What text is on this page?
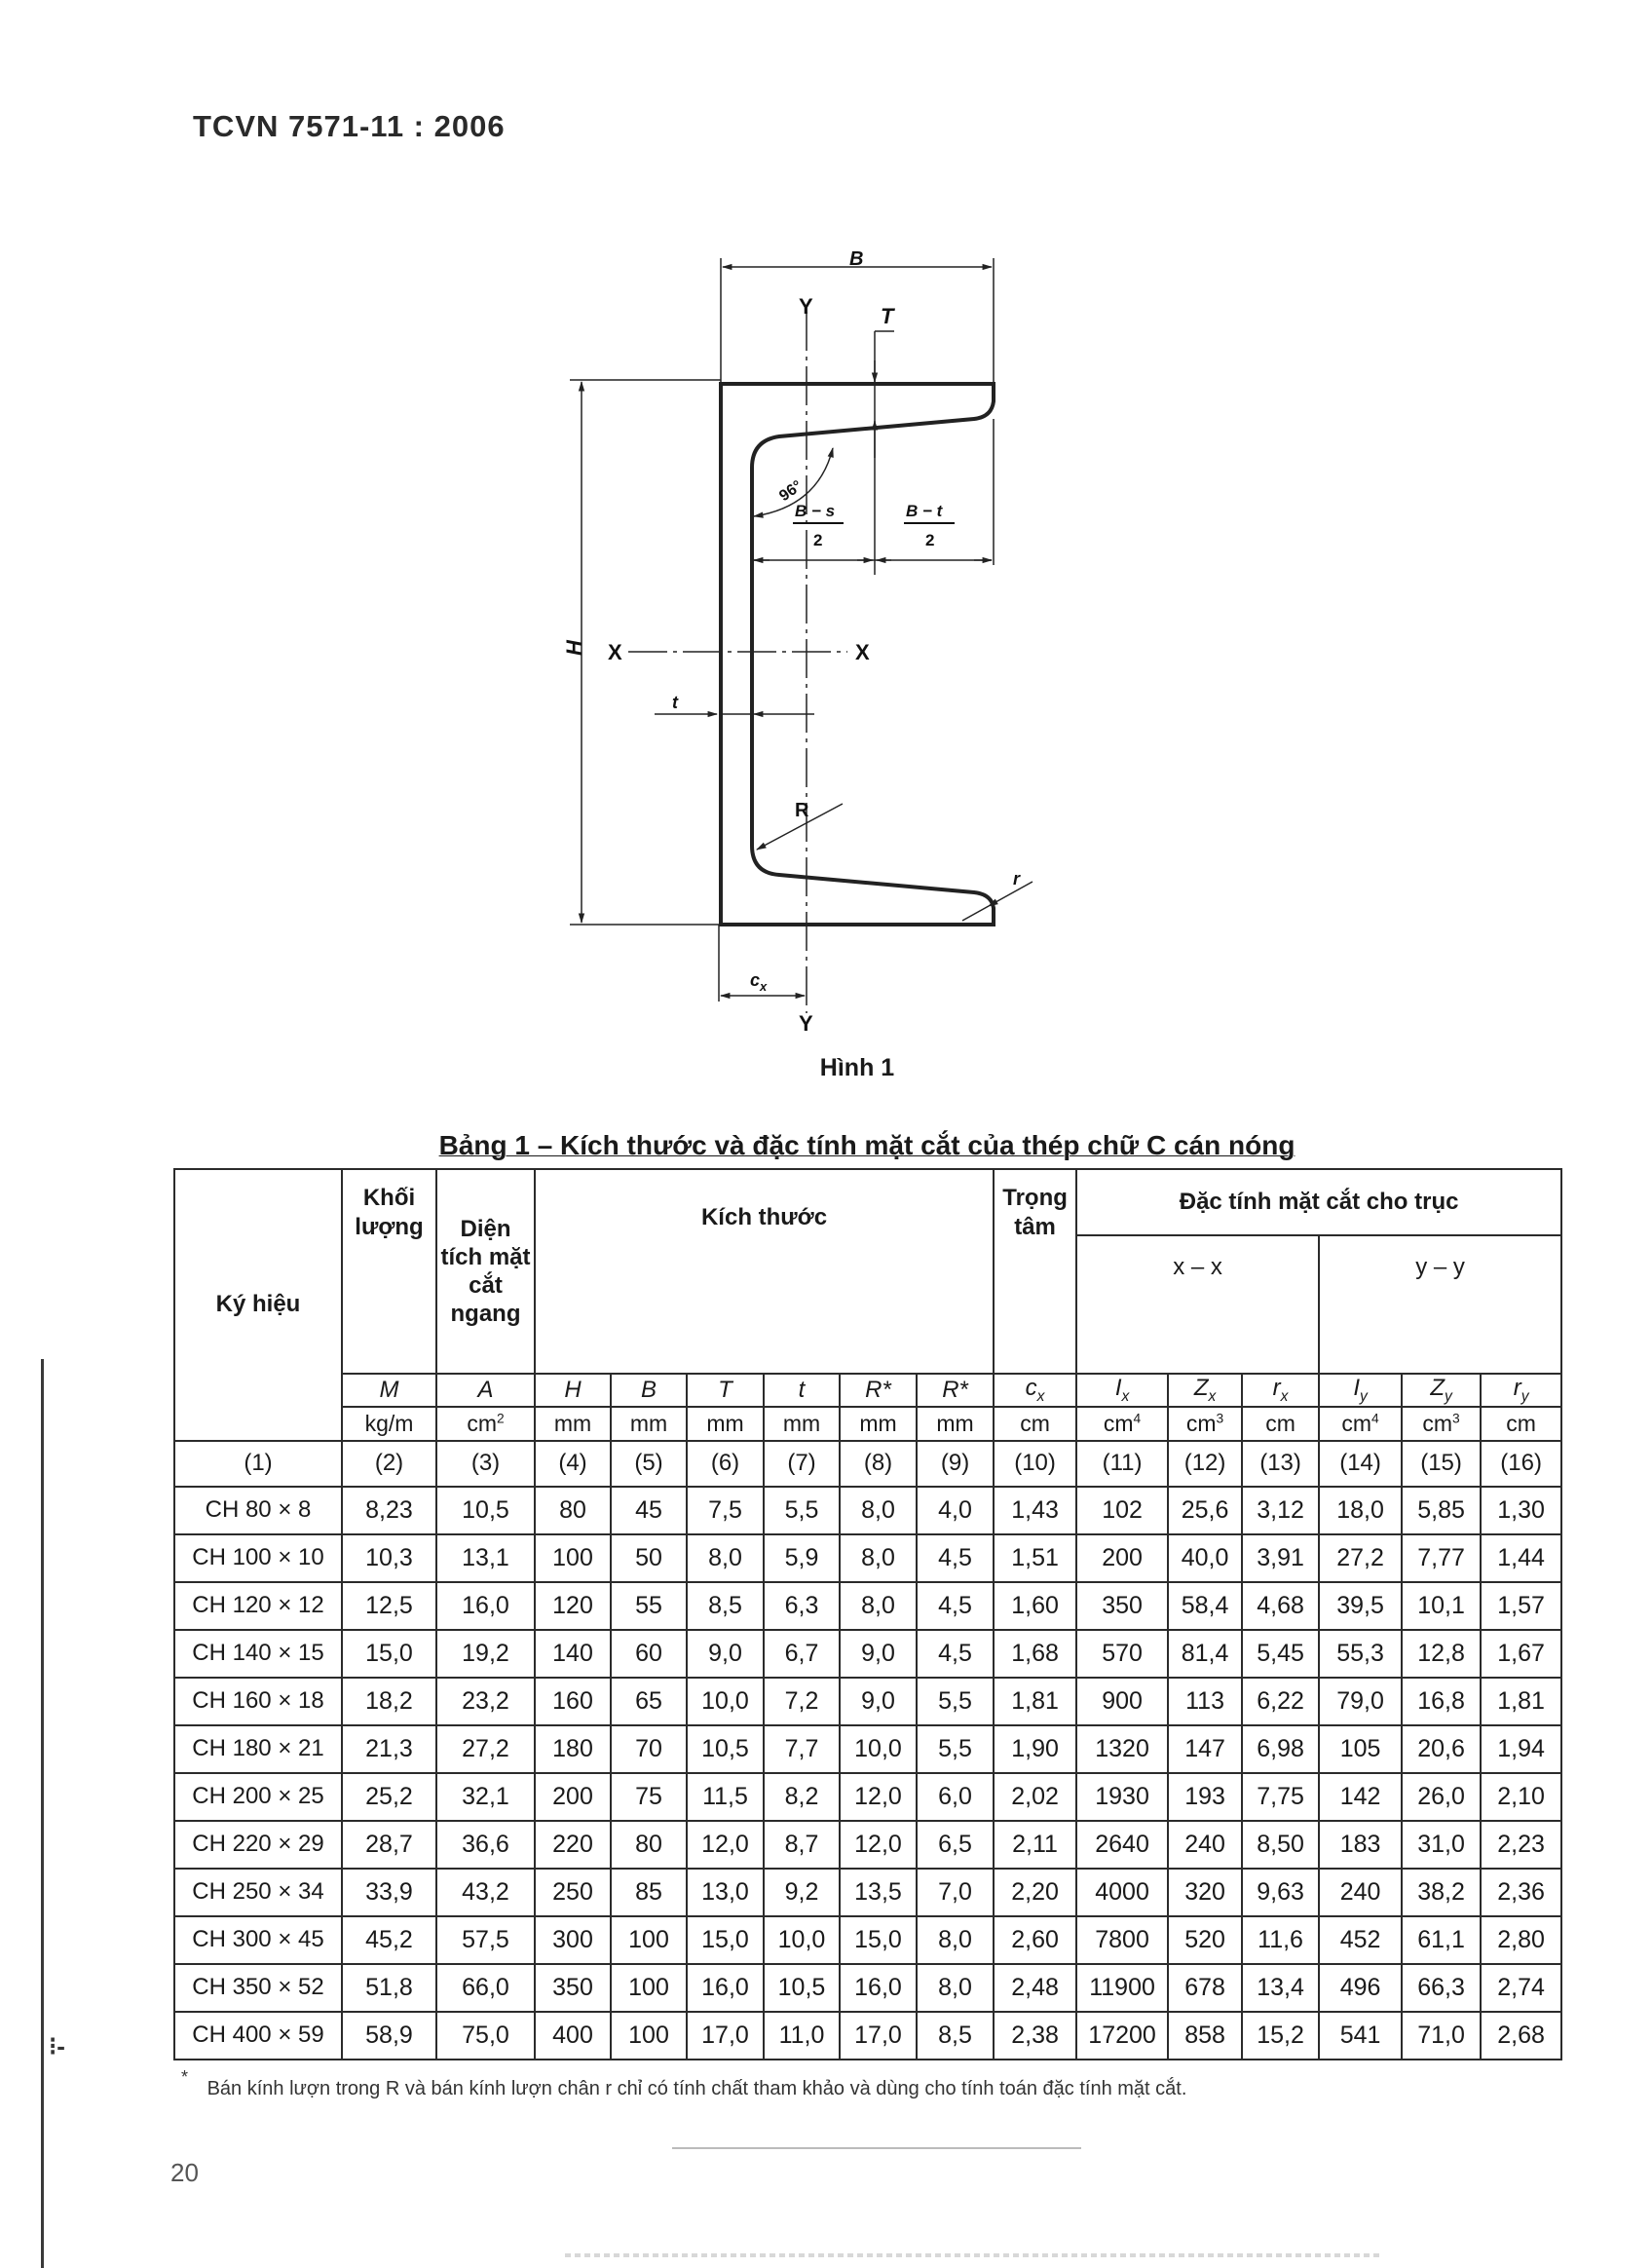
TCVN 7571-11 : 2006
⁝-
B
Y	T
H X	X
t
R
r
Y
$c_x$
96°
B − s
2
B − t
2
Hình 1
Bảng 1 – Kích thước và đặc tính mặt cắt của thép chữ C cán nóng
Ký hiệu	Khối lượng	Diện tích mặt cắt ngang	Kích thước						Trọng tâm	Đặc tính mặt cắt cho trục					
										x – x			y – y		
	M	A	H	B	T	t	R*	R*	$c_x$	$I_x$	$Z_x$	$r_x$	$I_y$	$Z_y$	$r_y$
	kg/m	$cm^2$	mm	mm	mm	mm	mm	mm	cm	$cm^4$	$cm^3$	cm	$cm^4$	$cm^3$	cm
(1)	(2)	(3)	(4)	(5)	(6)	(7)	(8)	(9)	(10)	(11)	(12)	(13)	(14)	(15)	(16)
CH 80 × 8	8,23	10,5	80	45	7,5	5,5	8,0	4,0	1,43	102	25,6	3,12	18,0	5,85	1,30
CH 100 × 10	10,3	13,1	100	50	8,0	5,9	8,0	4,5	1,51	200	40,0	3,91	27,2	7,77	1,44
CH 120 × 12	12,5	16,0	120	55	8,5	6,3	8,0	4,5	1,60	350	58,4	4,68	39,5	10,1	1,57
CH 140 × 15	15,0	19,2	140	60	9,0	6,7	9,0	4,5	1,68	570	81,4	5,45	55,3	12,8	1,67
CH 160 × 18	18,2	23,2	160	65	10,0	7,2	9,0	5,5	1,81	900	113	6,22	79,0	16,8	1,81
CH 180 × 21	21,3	27,2	180	70	10,5	7,7	10,0	5,5	1,90	1320	147	6,98	105	20,6	1,94
CH 200 × 25	25,2	32,1	200	75	11,5	8,2	12,0	6,0	2,02	1930	193	7,75	142	26,0	2,10
CH 220 × 29	28,7	36,6	220	80	12,0	8,7	12,0	6,5	2,11	2640	240	8,50	183	31,0	2,23
CH 250 × 34	33,9	43,2	250	85	13,0	9,2	13,5	7,0	2,20	4000	320	9,63	240	38,2	2,36
CH 300 × 45	45,2	57,5	300	100	15,0	10,0	15,0	8,0	2,60	7800	520	11,6	452	61,1	2,80
CH 350 × 52	51,8	66,0	350	100	16,0	10,5	16,0	8,0	2,48	11900	678	13,4	496	66,3	2,74
CH 400 × 59	58,9	75,0	400	100	17,0	11,0	17,0	8,5	2,38	17200	858	15,2	541	71,0	2,68
* Bán kính lượn trong R và bán kính lượn chân r chỉ có tính chất tham khảo và dùng cho tính toán đặc tính mặt cắt.
20
